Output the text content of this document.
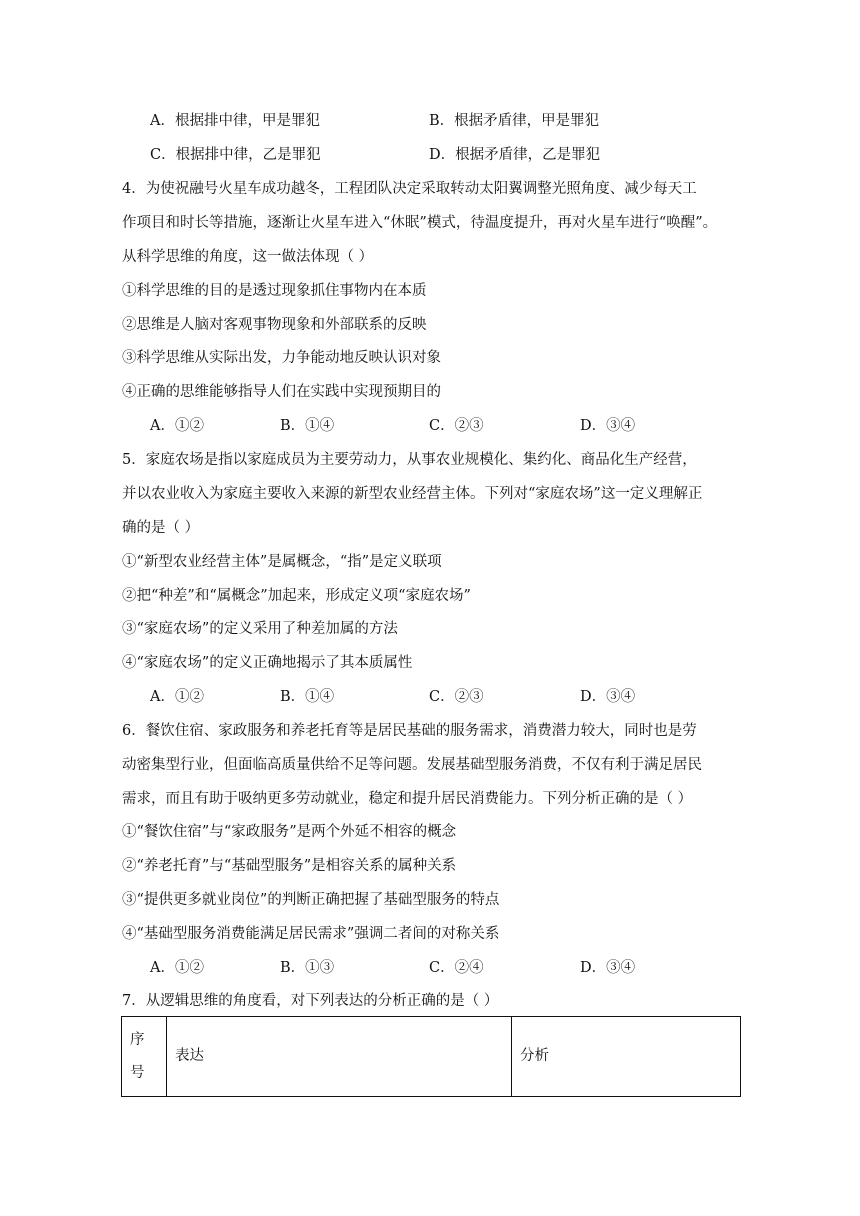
A．根据排中律，甲是罪犯	B．根据矛盾律，甲是罪犯
C．根据排中律，乙是罪犯	D．根据矛盾律，乙是罪犯
4．为使祝融号火星车成功越冬，工程团队决定采取转动太阳翼调整光照角度、减少每天工
作项目和时长等措施，逐渐让火星车进入“休眠”模式，待温度提升，再对火星车进行“唤醒”。
从科学思维的角度，这一做法体现（ ）
①科学思维的目的是透过现象抓住事物内在本质
②思维是人脑对客观事物现象和外部联系的反映
③科学思维从实际出发，力争能动地反映认识对象
④正确的思维能够指导人们在实践中实现预期目的
A．①②	B．①④	C．②③	D．③④
5．家庭农场是指以家庭成员为主要劳动力，从事农业规模化、集约化、商品化生产经营，
并以农业收入为家庭主要收入来源的新型农业经营主体。下列对“家庭农场”这一定义理解正
确的是（ ）
①“新型农业经营主体”是属概念，“指”是定义联项
②把“种差”和“属概念”加起来，形成定义项“家庭农场”
③“家庭农场”的定义采用了种差加属的方法
④“家庭农场”的定义正确地揭示了其本质属性
A．①②	B．①④	C．②③	D．③④
6．餐饮住宿、家政服务和养老托育等是居民基础的服务需求，消费潜力较大，同时也是劳
动密集型行业，但面临高质量供给不足等问题。发展基础型服务消费，不仅有利于满足居民
需求，而且有助于吸纳更多劳动就业，稳定和提升居民消费能力。下列分析正确的是（ ）
①“餐饮住宿”与“家政服务”是两个外延不相容的概念
②“养老托育”与“基础型服务”是相容关系的属种关系
③“提供更多就业岗位”的判断正确把握了基础型服务的特点
④“基础型服务消费能满足居民需求”强调二者间的对称关系
A．①②	B．①③	C．②④	D．③④
7．从逻辑思维的角度看，对下列表达的分析正确的是（ ）
序
号
	表达	分析
